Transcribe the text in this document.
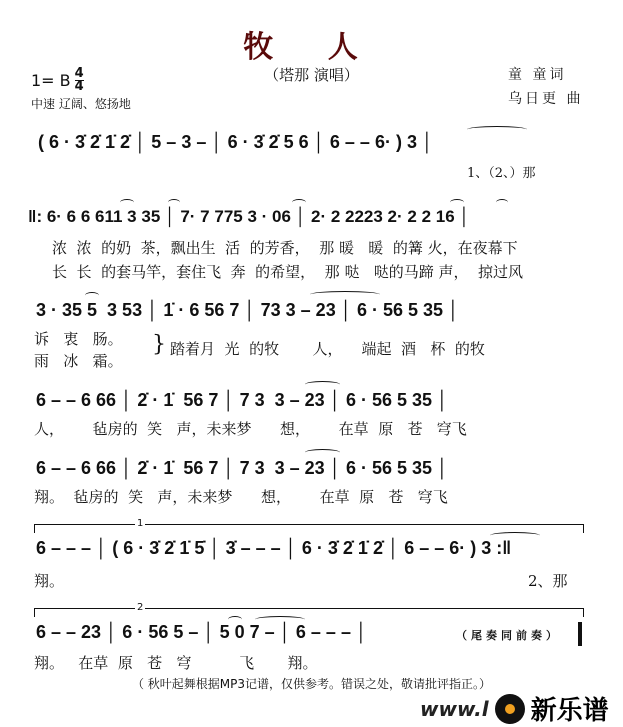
牧 人
（塔那 演唱）
1= B $\frac{4}{4}$
中速 辽阔、悠扬地
童 童词
乌日更 曲
( 6 · 3̇ 2̇ 1̇ 2̇ │ 5 – 3 – │ 6 · 3̇ 2̇ 5 6 │ 6 – – 6· ) 3 │
1、（2、）那
‖: 6· 6 6 611 3 35 │ 7· 7 775 3 · 06 │ 2· 2 2223 2· 2 2 16 │
浓  浓  的奶  茶，飘出生  活  的芳香，  那 暖   暖  的篝 火，在夜幕下
长  长  的套马竿，套住飞  奔  的希望，  那 哒   哒的马蹄 声，  掠过风
3 · 35 5  3 53 │ 1̇ · 6 56 7 │ 73 3 – 23 │ 6 · 56 5 35 │
诉   衷   肠。
雨   冰   霜。
} 踏着月  光  的牧       人，    端起  酒   杯  的牧
6 – – 6 66 │ 2̇ · 1̇  56 7 │ 7 3  3 – 23 │ 6 · 56 5 35 │
人，      毡房的  笑   声，未来梦      想，      在草  原   苍   穹飞
6 – – 6 66 │ 2̇ · 1̇  56 7 │ 7 3  3 – 23 │ 6 · 56 5 35 │
翔。  毡房的  笑   声，未来梦      想，      在草  原   苍   穹飞
1
6 – – – │ ( 6 · 3̇ 2̇ 1̇ 5̇ │ 3̇ – – – │ 6 · 3̇ 2̇ 1̇ 2̇ │ 6 – – 6· ) 3 :‖
翔。	2、那
2
6 – – 23 │ 6 · 56 5 – │ 5 0 7 – │ 6 – – – │	（尾奏同前奏）
翔。   在草  原   苍   穹          飞       翔。
（ 秋叶起舞根据MP3记谱，仅供参考。错误之处，敬请批评指正。）
www.l 新乐谱
